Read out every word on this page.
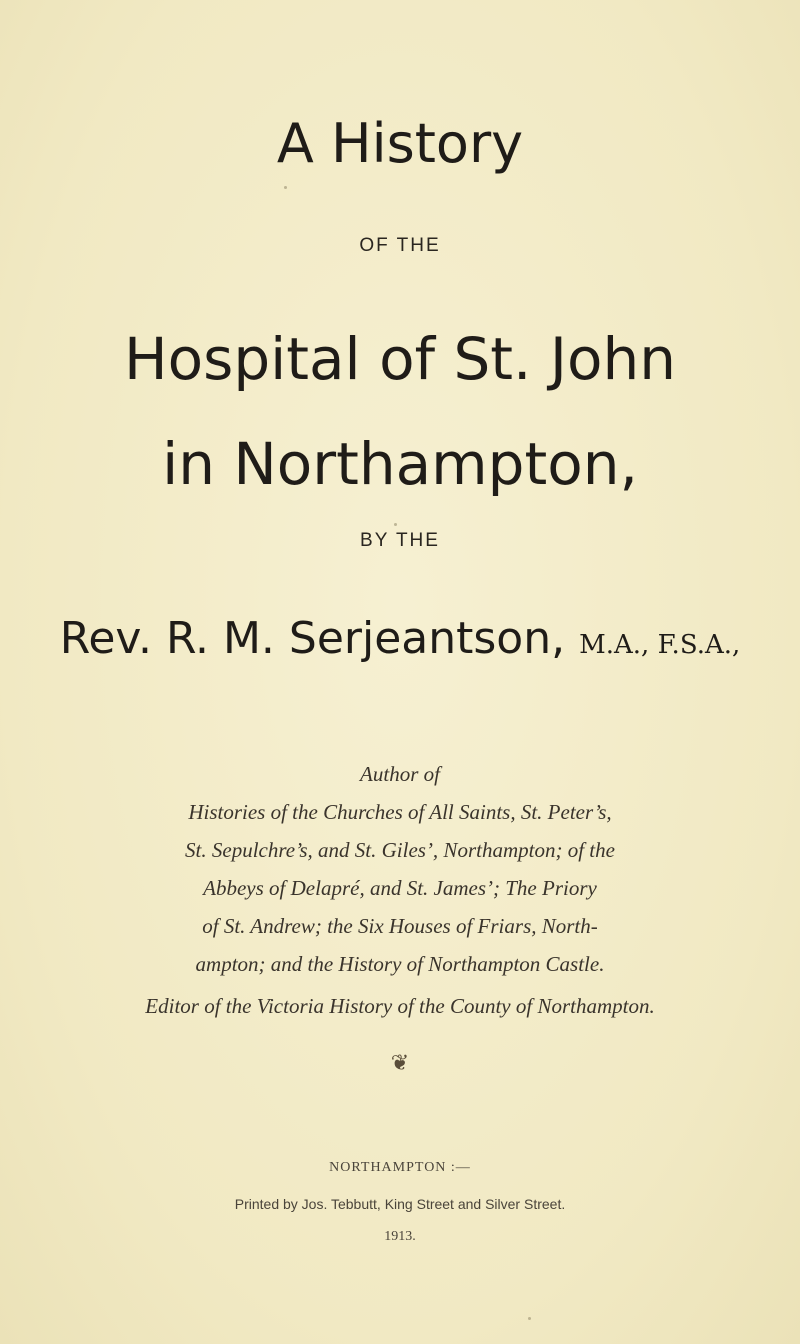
A History
OF THE
Hospital of St. John
in Northampton,
BY THE
Rev. R. M. Serjeantson, M.A., F.S.A.,
Author of
Histories of the Churches of All Saints, St. Peter’s,
St. Sepulchre’s, and St. Giles’, Northampton; of the
Abbeys of Delapré, and St. James’; The Priory
of St. Andrew; the Six Houses of Friars, North-
ampton; and the History of Northampton Castle.
Editor of the Victoria History of the County of Northampton.
❦
NORTHAMPTON :—
Printed by Jos. Tebbutt, King Street and Silver Street.
1913.
